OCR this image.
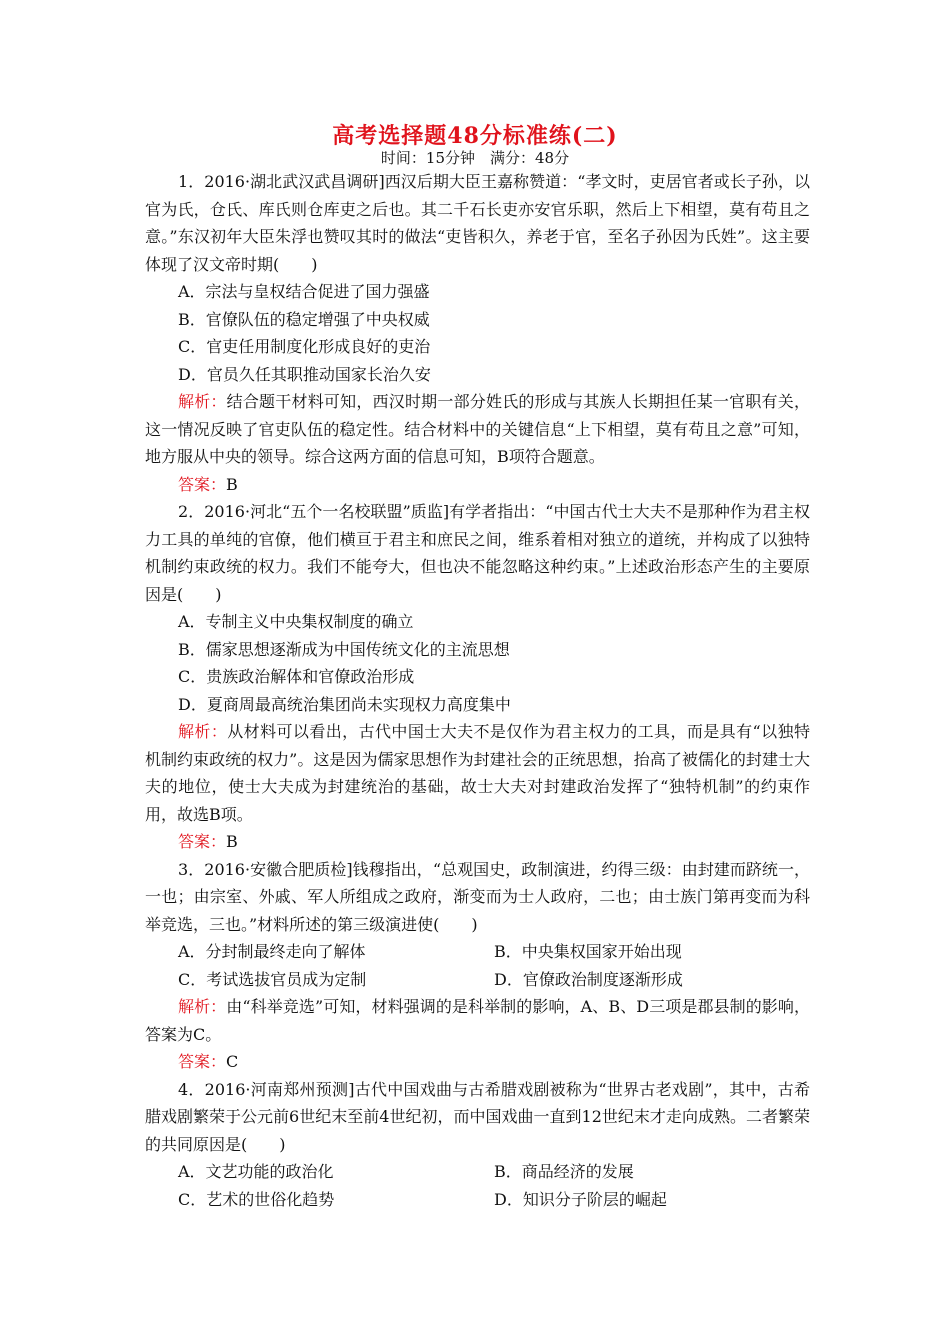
高考选择题48分标准练(二)
时间：15分钟　满分：48分

1．2016·湖北武汉武昌调研]西汉后期大臣王嘉称赞道：“孝文时，吏居官者或长子孙，以官为氏，仓氏、库氏则仓库吏之后也。其二千石长吏亦安官乐职，然后上下相望，莫有苟且之意。”东汉初年大臣朱浮也赞叹其时的做法“吏皆积久，养老于官，至名子孙因为氏姓”。这主要体现了汉文帝时期(　　)

A．宗法与皇权结合促进了国力强盛

B．官僚队伍的稳定增强了中央权威

C．官吏任用制度化形成良好的吏治

D．官员久任其职推动国家长治久安

解析：结合题干材料可知，西汉时期一部分姓氏的形成与其族人长期担任某一官职有关，这一情况反映了官吏队伍的稳定性。结合材料中的关键信息“上下相望，莫有苟且之意”可知，地方服从中央的领导。综合这两方面的信息可知，B项符合题意。

答案：B

2．2016·河北“五个一名校联盟”质监]有学者指出：“中国古代士大夫不是那种作为君主权力工具的单纯的官僚，他们横亘于君主和庶民之间，维系着相对独立的道统，并构成了以独特机制约束政统的权力。我们不能夸大，但也决不能忽略这种约束。”上述政治形态产生的主要原因是(　　)

A．专制主义中央集权制度的确立

B．儒家思想逐渐成为中国传统文化的主流思想

C．贵族政治解体和官僚政治形成

D．夏商周最高统治集团尚未实现权力高度集中

解析：从材料可以看出，古代中国士大夫不是仅作为君主权力的工具，而是具有“以独特机制约束政统的权力”。这是因为儒家思想作为封建社会的正统思想，抬高了被儒化的封建士大夫的地位，使士大夫成为封建统治的基础，故士大夫对封建政治发挥了“独特机制”的约束作用，故选B项。

答案：B

3．2016·安徽合肥质检]钱穆指出，“总观国史，政制演进，约得三级：由封建而跻统一，一也；由宗室、外戚、军人所组成之政府，渐变而为士人政府，二也；由士族门第再变而为科举竞选，三也。”材料所述的第三级演进使(　　)

A．分封制最终走向了解体	B．中央集权国家开始出现
C．考试选拔官员成为定制	D．官僚政治制度逐渐形成

解析：由“科举竞选”可知，材料强调的是科举制的影响，A、B、D三项是郡县制的影响，答案为C。

答案：C

4．2016·河南郑州预测]古代中国戏曲与古希腊戏剧被称为“世界古老戏剧”，其中，古希腊戏剧繁荣于公元前6世纪末至前4世纪初，而中国戏曲一直到12世纪末才走向成熟。二者繁荣的共同原因是(　　)

A．文艺功能的政治化	B．商品经济的发展
C．艺术的世俗化趋势	D．知识分子阶层的崛起
